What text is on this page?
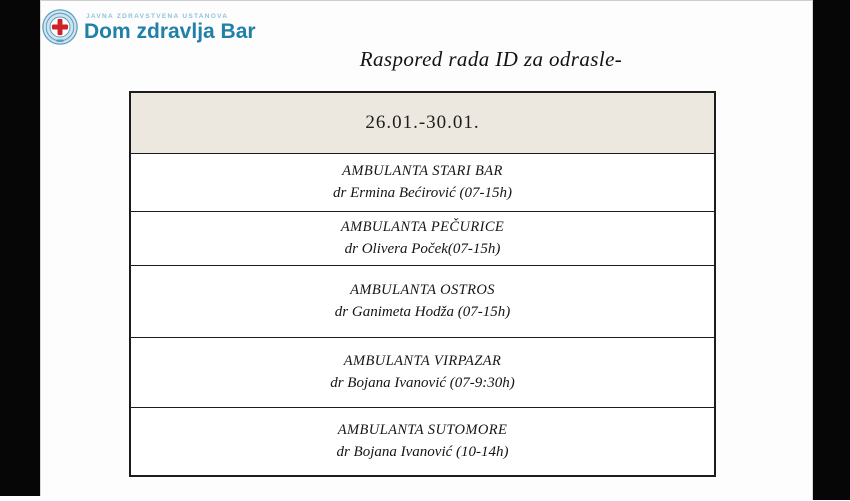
JAVNA ZDRAVSTVENA USTANOVA
Dom zdravlja Bar
Raspored rada ID za odrasle-
26.01.-30.01.
AMBULANTA STARI BAR
dr Ermina Bećirović (07-15h)
AMBULANTA PEČURICE
dr Olivera Poček(07-15h)
AMBULANTA OSTROS
dr Ganimeta Hodža (07-15h)
AMBULANTA VIRPAZAR
dr Bojana Ivanović (07-9:30h)
AMBULANTA SUTOMORE
dr Bojana Ivanović (10-14h)
